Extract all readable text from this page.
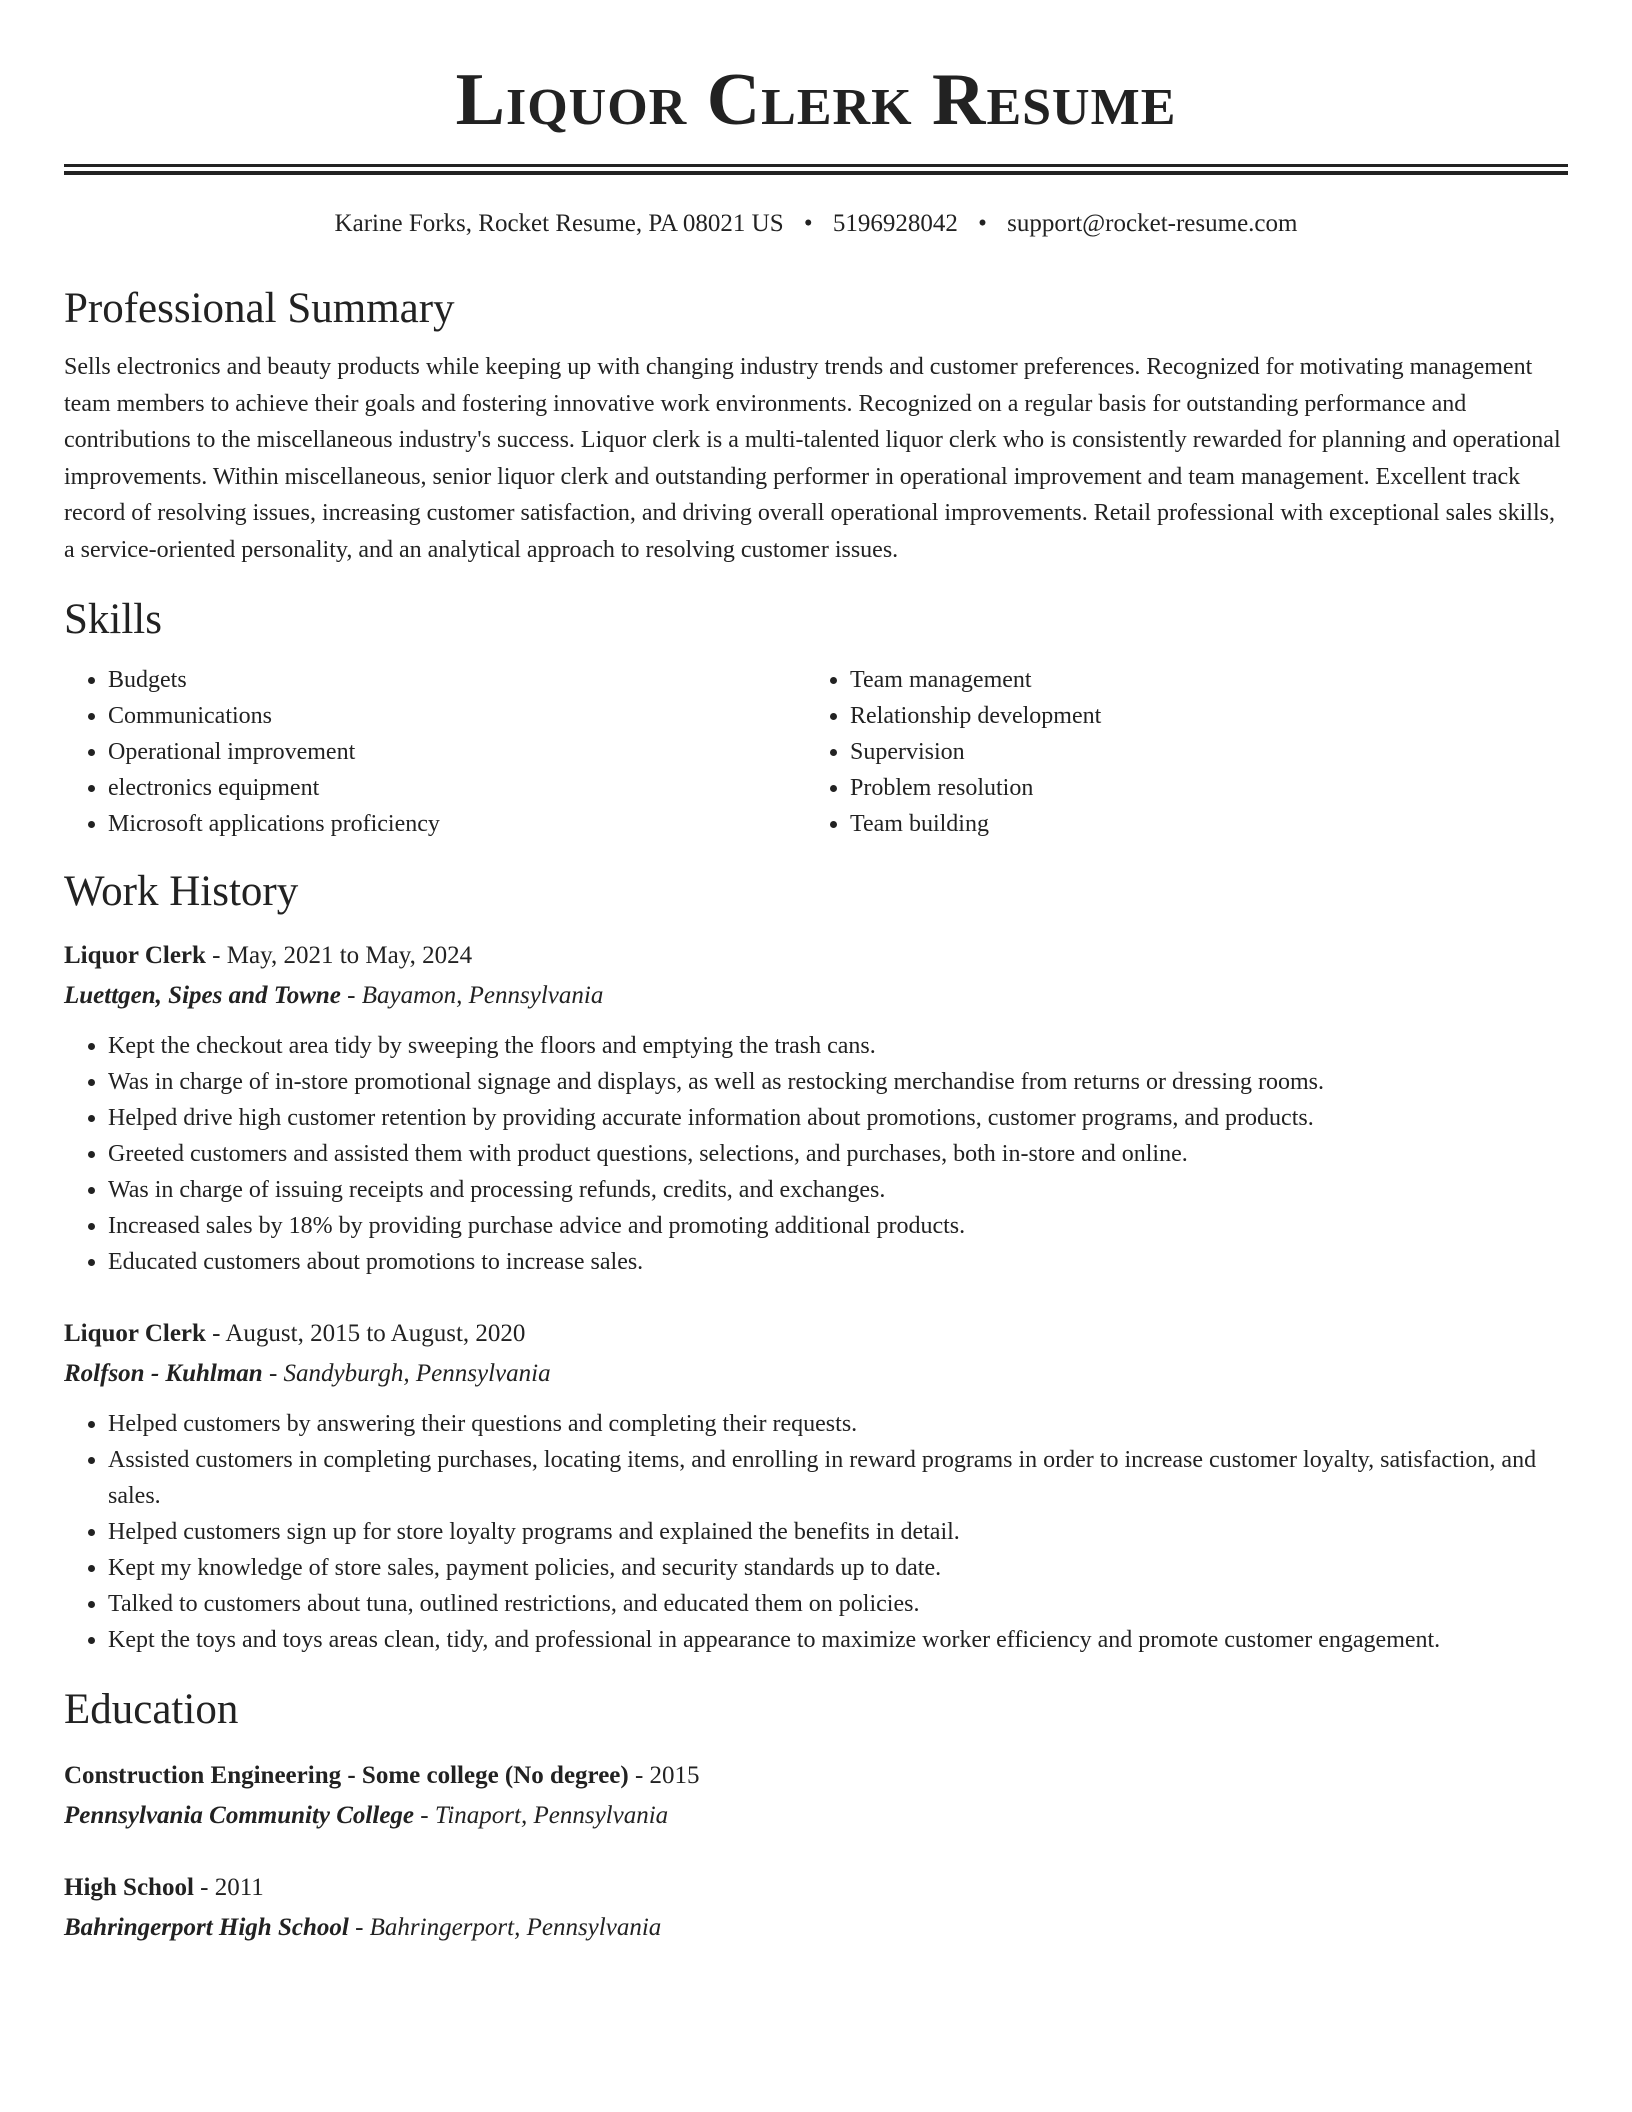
Liquor Clerk Resume
Karine Forks, Rocket Resume, PA 08021 US • 5196928042 • support@rocket-resume.com
Professional Summary

Sells electronics and beauty products while keeping up with changing industry trends and customer preferences. Recognized for motivating management team members to achieve their goals and fostering innovative work environments. Recognized on a regular basis for outstanding performance and contributions to the miscellaneous industry's success. Liquor clerk is a multi-talented liquor clerk who is consistently rewarded for planning and operational improvements. Within miscellaneous, senior liquor clerk and outstanding performer in operational improvement and team management. Excellent track record of resolving issues, increasing customer satisfaction, and driving overall operational improvements. Retail professional with exceptional sales skills, a service-oriented personality, and an analytical approach to resolving customer issues.

Skills
• Budgets
• Communications
• Operational improvement
• electronics equipment
• Microsoft applications proficiency
• Team management
• Relationship development
• Supervision
• Problem resolution
• Team building
Work History
Liquor Clerk - May, 2021 to May, 2024
Luettgen, Sipes and Towne - Bayamon, Pennsylvania
• Kept the checkout area tidy by sweeping the floors and emptying the trash cans.
• Was in charge of in-store promotional signage and displays, as well as restocking merchandise from returns or dressing rooms.
• Helped drive high customer retention by providing accurate information about promotions, customer programs, and products.
• Greeted customers and assisted them with product questions, selections, and purchases, both in-store and online.
• Was in charge of issuing receipts and processing refunds, credits, and exchanges.
• Increased sales by 18% by providing purchase advice and promoting additional products.
• Educated customers about promotions to increase sales.
Liquor Clerk - August, 2015 to August, 2020
Rolfson - Kuhlman - Sandyburgh, Pennsylvania
• Helped customers by answering their questions and completing their requests.
• Assisted customers in completing purchases, locating items, and enrolling in reward programs in order to increase customer loyalty, satisfaction, and sales.
• Helped customers sign up for store loyalty programs and explained the benefits in detail.
• Kept my knowledge of store sales, payment policies, and security standards up to date.
• Talked to customers about tuna, outlined restrictions, and educated them on policies.
• Kept the toys and toys areas clean, tidy, and professional in appearance to maximize worker efficiency and promote customer engagement.
Education
Construction Engineering - Some college (No degree) - 2015
Pennsylvania Community College - Tinaport, Pennsylvania
High School - 2011
Bahringerport High School - Bahringerport, Pennsylvania
